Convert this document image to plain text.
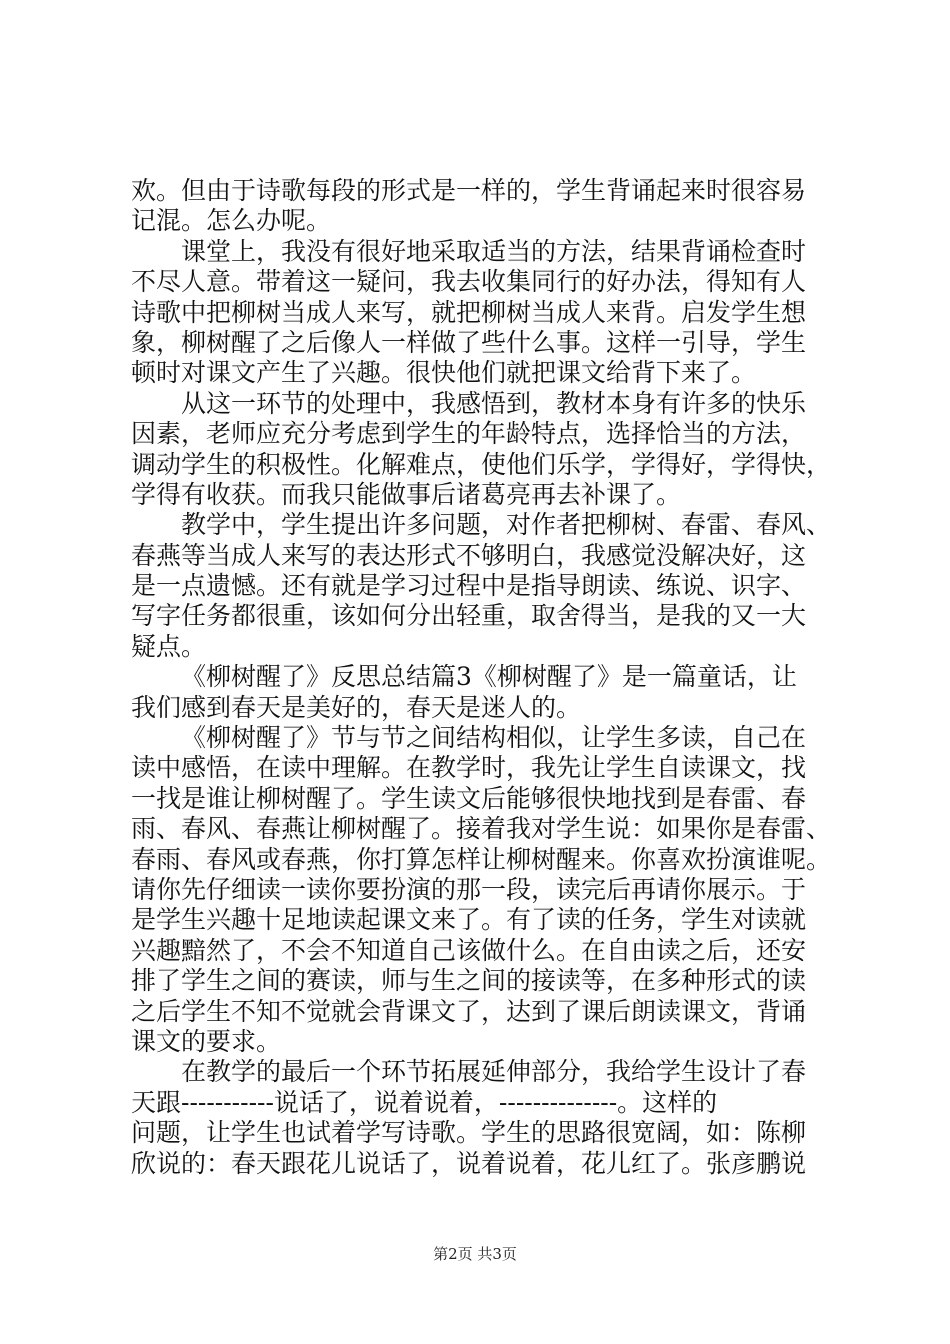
欢。但由于诗歌每段的形式是一样的，学生背诵起来时很容易
记混。怎么办呢。
课堂上，我没有很好地采取适当的方法，结果背诵检查时
不尽人意。带着这一疑问，我去收集同行的好办法，得知有人
诗歌中把柳树当成人来写，就把柳树当成人来背。启发学生想
象，柳树醒了之后像人一样做了些什么事。这样一引导，学生
顿时对课文产生了兴趣。很快他们就把课文给背下来了。
从这一环节的处理中，我感悟到，教材本身有许多的快乐
因素，老师应充分考虑到学生的年龄特点，选择恰当的方法，
调动学生的积极性。化解难点，使他们乐学，学得好，学得快，
学得有收获。而我只能做事后诸葛亮再去补课了。
教学中，学生提出许多问题，对作者把柳树、春雷、春风、
春燕等当成人来写的表达形式不够明白，我感觉没解决好，这
是一点遗憾。还有就是学习过程中是指导朗读、练说、识字、
写字任务都很重，该如何分出轻重，取舍得当，是我的又一大
疑点。
《柳树醒了》反思总结篇3《柳树醒了》是一篇童话，让
我们感到春天是美好的，春天是迷人的。
《柳树醒了》节与节之间结构相似，让学生多读，自己在
读中感悟，在读中理解。在教学时，我先让学生自读课文，找
一找是谁让柳树醒了。学生读文后能够很快地找到是春雷、春
雨、春风、春燕让柳树醒了。接着我对学生说：如果你是春雷、
春雨、春风或春燕，你打算怎样让柳树醒来。你喜欢扮演谁呢。
请你先仔细读一读你要扮演的那一段，读完后再请你展示。于
是学生兴趣十足地读起课文来了。有了读的任务，学生对读就
兴趣黯然了，不会不知道自己该做什么。在自由读之后，还安
排了学生之间的赛读，师与生之间的接读等，在多种形式的读
之后学生不知不觉就会背课文了，达到了课后朗读课文，背诵
课文的要求。
在教学的最后一个环节拓展延伸部分，我给学生设计了春
天跟-----------说话了，说着说着，--------------。这样的
问题，让学生也试着学写诗歌。学生的思路很宽阔，如：陈柳
欣说的：春天跟花儿说话了，说着说着，花儿红了。张彦鹏说
第2页 共3页
